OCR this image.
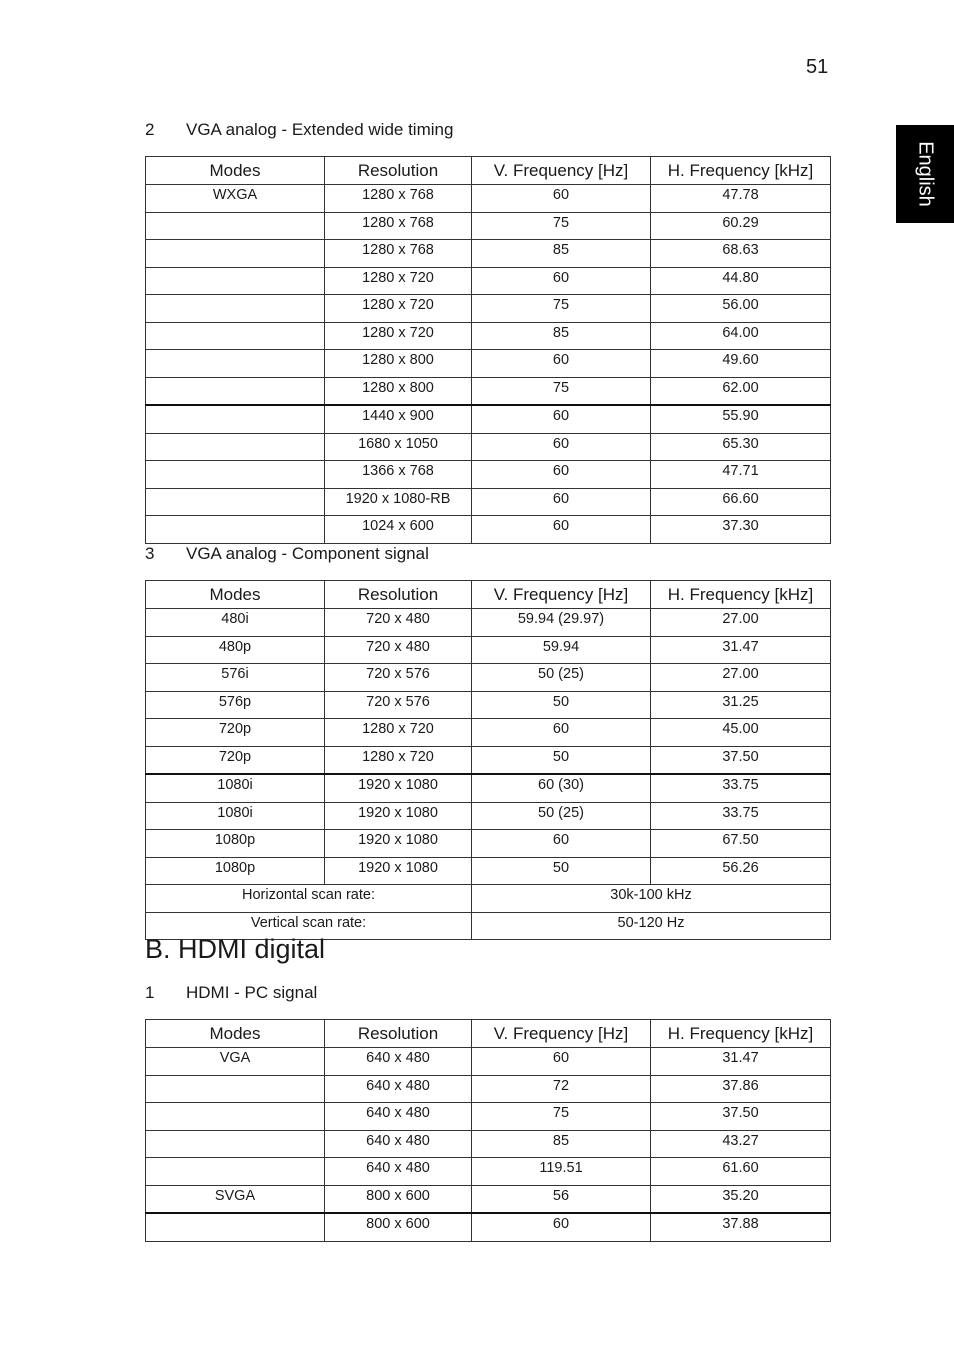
51
English
2 VGA analog - Extended wide timing
Modes	Resolution	V. Frequency [Hz]	H. Frequency [kHz]
WXGA	1280 x 768	60	47.78
	1280 x 768	75	60.29
	1280 x 768	85	68.63
	1280 x 720	60	44.80
	1280 x 720	75	56.00
	1280 x 720	85	64.00
	1280 x 800	60	49.60
	1280 x 800	75	62.00
	1440 x 900	60	55.90
	1680 x 1050	60	65.30
	1366 x 768	60	47.71
	1920 x 1080-RB	60	66.60
	1024 x 600	60	37.30
3 VGA analog - Component signal
Modes	Resolution	V. Frequency [Hz]	H. Frequency [kHz]
480i	720 x 480	59.94 (29.97)	27.00
480p	720 x 480	59.94	31.47
576i	720 x 576	50 (25)	27.00
576p	720 x 576	50	31.25
720p	1280 x 720	60	45.00
720p	1280 x 720	50	37.50
1080i	1920 x 1080	60 (30)	33.75
1080i	1920 x 1080	50 (25)	33.75
1080p	1920 x 1080	60	67.50
1080p	1920 x 1080	50	56.26
Horizontal scan rate:		30k-100 kHz	
Vertical scan rate:		50-120 Hz	
B. HDMI digital
1 HDMI - PC signal
Modes	Resolution	V. Frequency [Hz]	H. Frequency [kHz]
VGA	640 x 480	60	31.47
	640 x 480	72	37.86
	640 x 480	75	37.50
	640 x 480	85	43.27
	640 x 480	119.51	61.60
SVGA	800 x 600	56	35.20
	800 x 600	60	37.88
